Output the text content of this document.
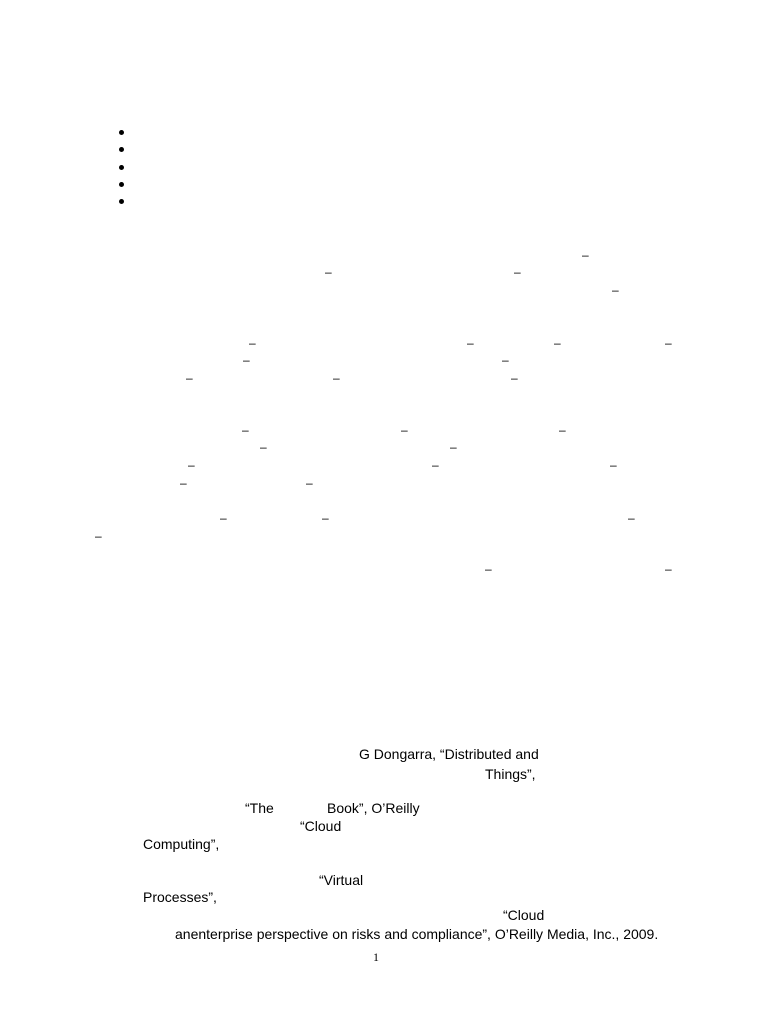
–
–	–
–
–	–	–	–
–	–
–	–	–
–	–	–
–	–
–	–	–
–	–
–	–	–
–
–	–
G Dongarra, “Distributed and
Things”,
“The	Book”, O’Reilly
“Cloud
Computing”,
“Virtual
Processes”,
“Cloud
anenterprise perspective on risks and compliance”, O’Reilly Media, Inc., 2009.
1
